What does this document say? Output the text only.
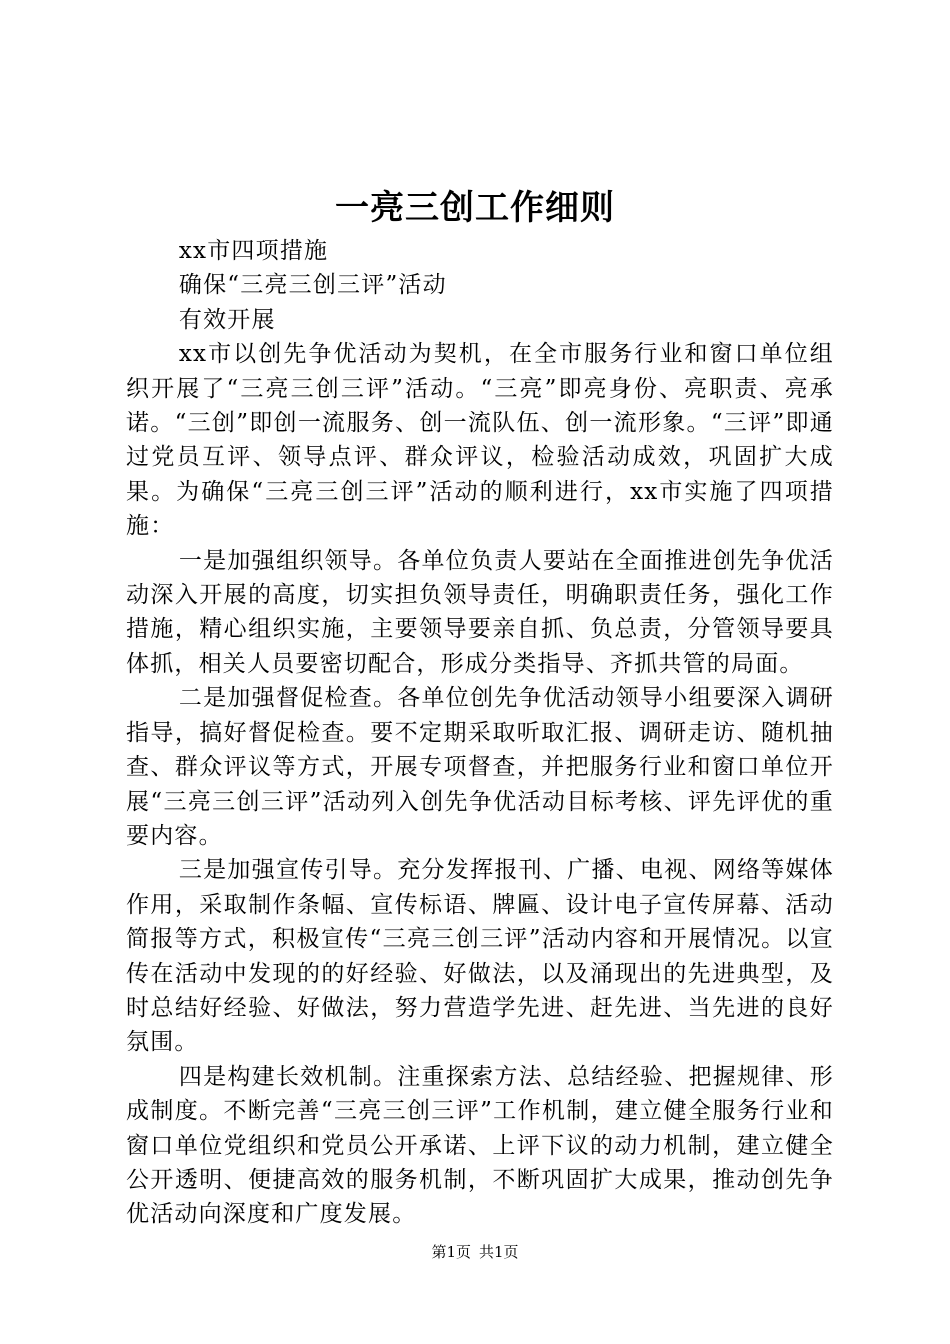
一亮三创工作细则

xx市四项措施

确保“三亮三创三评”活动

有效开展

xx市以创先争优活动为契机，在全市服务行业和窗口单位组织开展了“三亮三创三评”活动。“三亮”即亮身份、亮职责、亮承诺。“三创”即创一流服务、创一流队伍、创一流形象。“三评”即通过党员互评、领导点评、群众评议，检验活动成效，巩固扩大成果。为确保“三亮三创三评”活动的顺利进行，xx市实施了四项措施：

一是加强组织领导。各单位负责人要站在全面推进创先争优活动深入开展的高度，切实担负领导责任，明确职责任务，强化工作措施，精心组织实施，主要领导要亲自抓、负总责，分管领导要具体抓，相关人员要密切配合，形成分类指导、齐抓共管的局面。

二是加强督促检查。各单位创先争优活动领导小组要深入调研指导，搞好督促检查。要不定期采取听取汇报、调研走访、随机抽查、群众评议等方式，开展专项督查，并把服务行业和窗口单位开展“三亮三创三评”活动列入创先争优活动目标考核、评先评优的重要内容。

三是加强宣传引导。充分发挥报刊、广播、电视、网络等媒体作用，采取制作条幅、宣传标语、牌匾、设计电子宣传屏幕、活动简报等方式，积极宣传“三亮三创三评”活动内容和开展情况。以宣传在活动中发现的的好经验、好做法，以及涌现出的先进典型，及时总结好经验、好做法，努力营造学先进、赶先进、当先进的良好氛围。

四是构建长效机制。注重探索方法、总结经验、把握规律、形成制度。不断完善“三亮三创三评”工作机制，建立健全服务行业和窗口单位党组织和党员公开承诺、上评下议的动力机制，建立健全公开透明、便捷高效的服务机制，不断巩固扩大成果，推动创先争优活动向深度和广度发展。

第1页 共1页
